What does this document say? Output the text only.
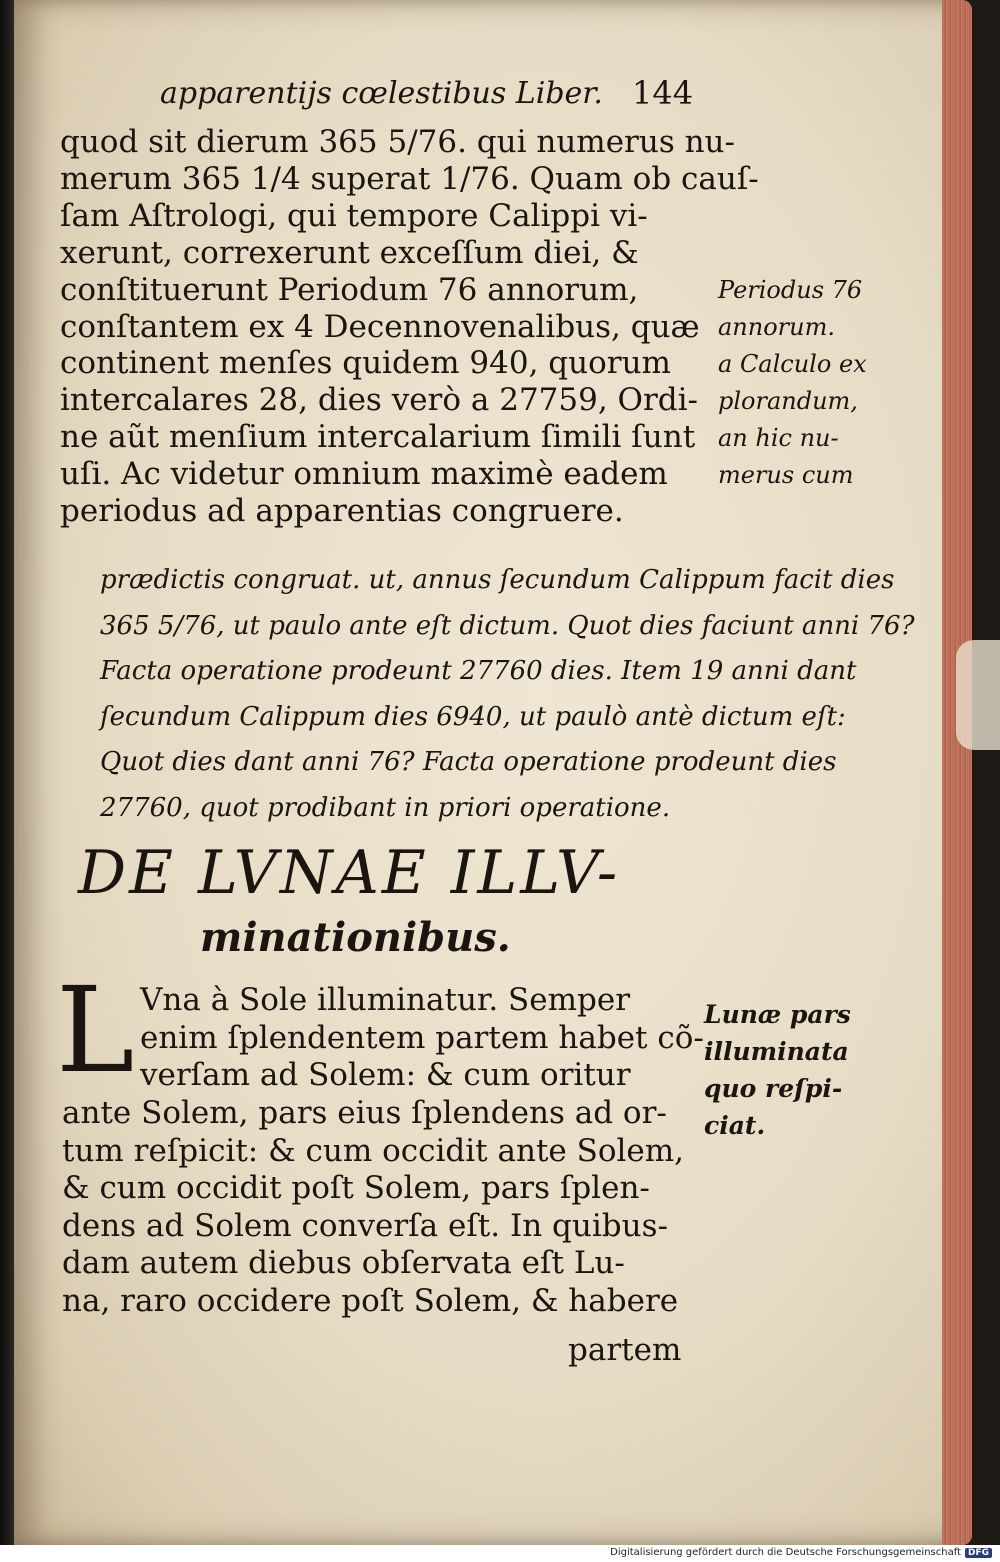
apparentijs cœlestibus Liber. 144
quod sit dierum 365 5/76. qui numerus nu-
merum 365 1/4 superat 1/76. Quam ob cauſ-
ſam Aſtrologi, qui tempore Calippi vi-
xerunt, correxerunt exceſſum diei, &
conſtituerunt Periodum 76 annorum,
conſtantem ex 4 Decennovenalibus, quæ
continent menſes quidem 940, quorum
intercalares 28, dies verò a 27759, Ordi-
ne aũt menſium intercalarium ſimili ſunt
uſi. Ac videtur omnium maximè eadem
periodus ad apparentias congruere.
Periodus 76
annorum.
a Calculo ex
plorandum,
an hic nu-
merus cum
prædictis congruat. ut, annus ſecundum Calippum facit dies
365 5/76, ut paulo ante eſt dictum. Quot dies faciunt anni 76?
Facta operatione prodeunt 27760 dies. Item 19 anni dant
ſecundum Calippum dies 6940, ut paulò antè dictum eſt:
Quot dies dant anni 76? Facta operatione prodeunt dies
27760, quot prodibant in priori operatione.
DE LVNAE ILLV-
minationibus.
L Vna à Sole illuminatur. Semper
enim ſplendentem partem habet cõ-
verſam ad Solem: & cum oritur
ante Solem, pars eius ſplendens ad or-
tum reſpicit: & cum occidit ante Solem,
& cum occidit poſt Solem, pars ſplen-
dens ad Solem converſa eſt. In quibus-
dam autem diebus obſervata eſt Lu-
na, raro occidere poſt Solem, & habere
partem
Lunæ pars
illuminata
quo reſpi-
ciat.
Digitalisierung gefördert durch die Deutsche Forschungsgemeinschaft DFG
